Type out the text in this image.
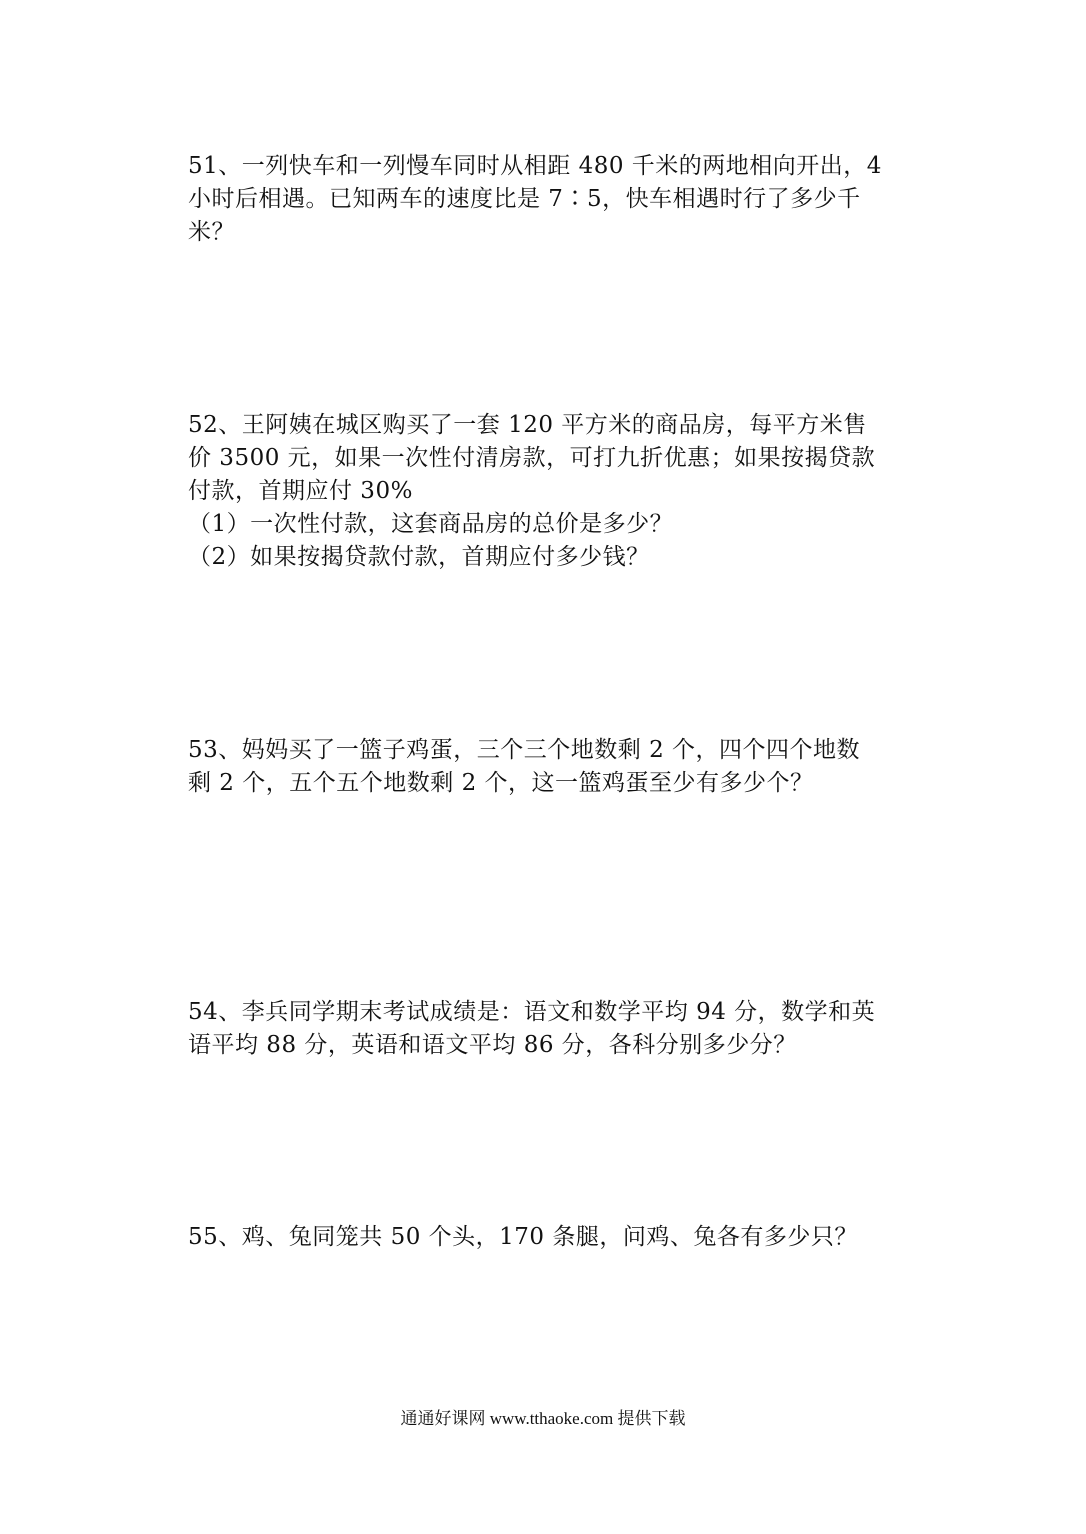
51、一列快车和一列慢车同时从相距 480 千米的两地相向开出，4
小时后相遇。已知两车的速度比是 7∶5，快车相遇时行了多少千
米？
52、王阿姨在城区购买了一套 120 平方米的商品房，每平方米售
价 3500 元，如果一次性付清房款，可打九折优惠；如果按揭贷款
付款，首期应付 30%
（1）一次性付款，这套商品房的总价是多少？
（2）如果按揭贷款付款，首期应付多少钱？
53、妈妈买了一篮子鸡蛋，三个三个地数剩 2 个，四个四个地数
剩 2 个，五个五个地数剩 2 个，这一篮鸡蛋至少有多少个？
54、李兵同学期末考试成绩是：语文和数学平均 94 分，数学和英
语平均 88 分，英语和语文平均 86 分，各科分别多少分？
55、鸡、兔同笼共 50 个头，170 条腿，问鸡、兔各有多少只？
通通好课网 www.tthaoke.com 提供下载
